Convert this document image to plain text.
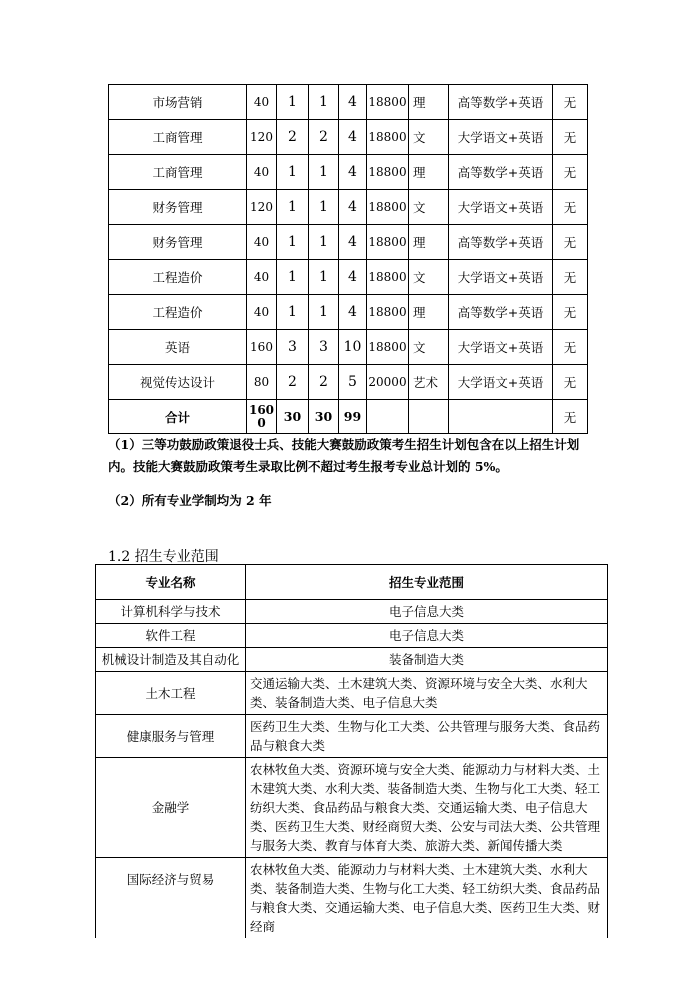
市场营销	40	1	1	4	18800	理	高等数学+英语	无
工商管理	120	2	2	4	18800	文	大学语文+英语	无
工商管理	40	1	1	4	18800	理	高等数学+英语	无
财务管理	120	1	1	4	18800	文	大学语文+英语	无
财务管理	40	1	1	4	18800	理	高等数学+英语	无
工程造价	40	1	1	4	18800	文	大学语文+英语	无
工程造价	40	1	1	4	18800	理	高等数学+英语	无
英语	160	3	3	10	18800	文	大学语文+英语	无
视觉传达设计	80	2	2	5	20000	艺术	大学语文+英语	无
合计	1600	30	30	99				无
（1）三等功鼓励政策退役士兵、技能大赛鼓励政策考生招生计划包含在以上招生计划内。技能大赛鼓励政策考生录取比例不超过考生报考专业总计划的 5%。
（2）所有专业学制均为 2 年
1.2 招生专业范围
专业名称	招生专业范围
计算机科学与技术	电子信息大类
软件工程	电子信息大类
机械设计制造及其自动化	装备制造大类
土木工程	交通运输大类、土木建筑大类、资源环境与安全大类、水利大类、装备制造大类、电子信息大类
健康服务与管理	医药卫生大类、生物与化工大类、公共管理与服务大类、食品药品与粮食大类
金融学	农林牧鱼大类、资源环境与安全大类、能源动力与材料大类、土木建筑大类、水利大类、装备制造大类、生物与化工大类、轻工纺织大类、食品药品与粮食大类、交通运输大类、电子信息大类、医药卫生大类、财经商贸大类、公安与司法大类、公共管理与服务大类、教育与体育大类、旅游大类、新闻传播大类
国际经济与贸易	农林牧鱼大类、能源动力与材料大类、土木建筑大类、水利大类、装备制造大类、生物与化工大类、轻工纺织大类、食品药品与粮食大类、交通运输大类、电子信息大类、医药卫生大类、财经商
